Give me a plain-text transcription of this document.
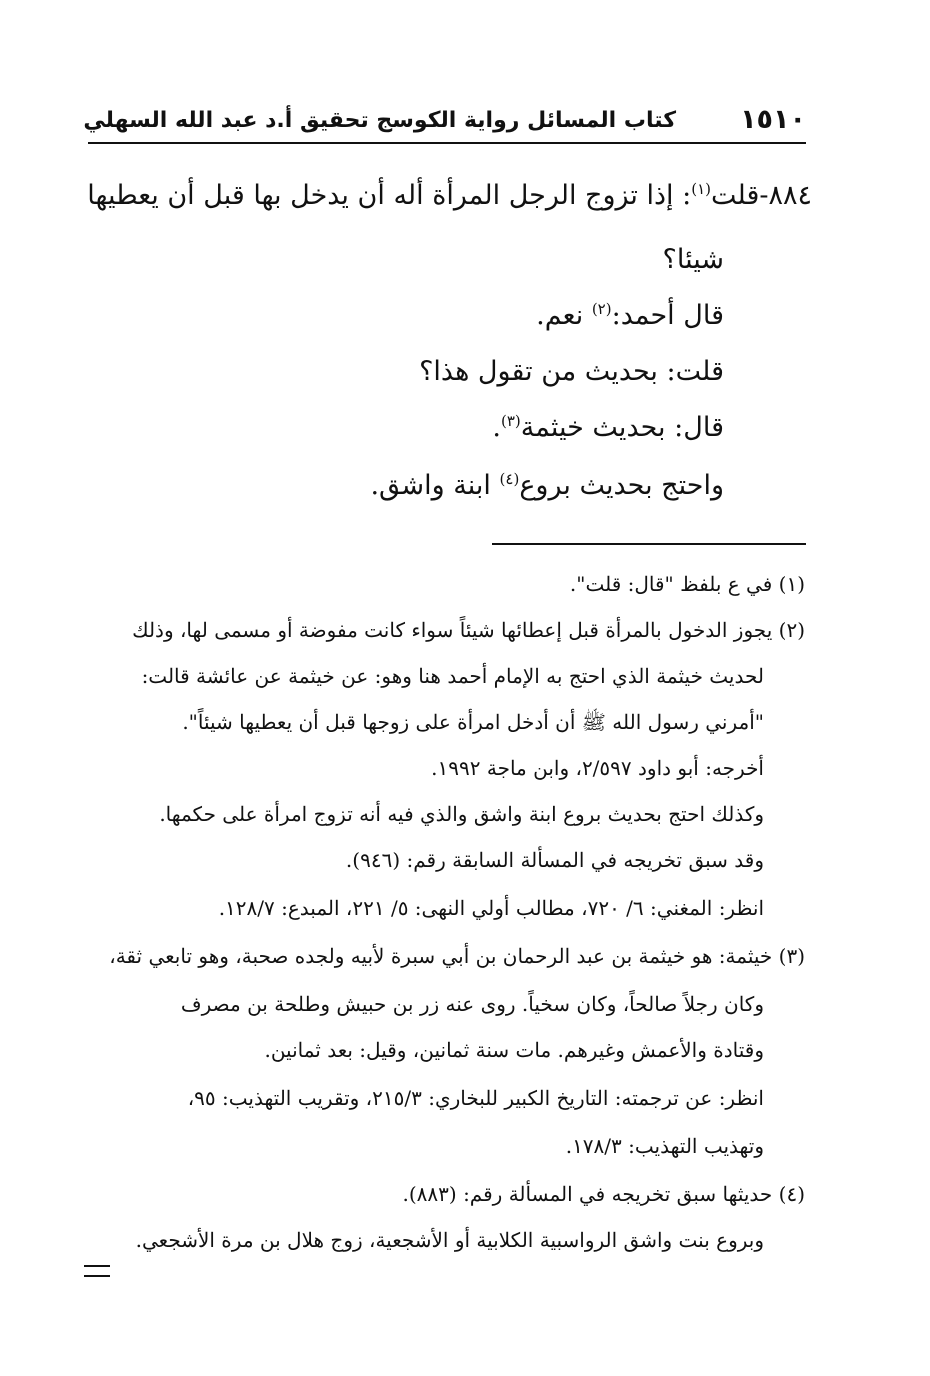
١٥١٠
كتاب المسائل رواية الكوسج تحقيق أ.د عبد الله السهلي
٨٨٤-قلت$^{(١)}$: إذا تزوج الرجل المرأة أله أن يدخل بها قبل أن يعطيها
شيئا؟
قال أحمد:$^{(٢)}$ نعم.
قلت: بحديث من تقول هذا؟
قال: بحديث خيثمة$^{(٣)}$.
واحتج بحديث بروع$^{(٤)}$ ابنة واشق.
(١) في ع بلفظ "قال: قلت".
(٢) يجوز الدخول بالمرأة قبل إعطائها شيئاً سواء كانت مفوضة أو مسمى لها، وذلك
لحديث خيثمة الذي احتج به الإمام أحمد هنا وهو: عن خيثمة عن عائشة قالت:
"أمرني رسول الله ﷺ أن أدخل امرأة على زوجها قبل أن يعطيها شيئاً".
أخرجه: أبو داود ٢/٥٩٧، وابن ماجة ١٩٩٢.
وكذلك احتج بحديث بروع ابنة واشق والذي فيه أنه تزوج امرأة على حكمها.
وقد سبق تخريجه في المسألة السابقة رقم: (٩٤٦).
انظر: المغني: ٦/ ٧٢٠، مطالب أولي النهى: ٥/ ٢٢١، المبدع: ١٢٨/٧.
(٣) خيثمة: هو خيثمة بن عبد الرحمان بن أبي سبرة لأبيه ولجده صحبة، وهو تابعي ثقة،
وكان رجلاً صالحاً، وكان سخياً. روى عنه زر بن حبيش وطلحة بن مصرف
وقتادة والأعمش وغيرهم. مات سنة ثمانين، وقيل: بعد ثمانين.
انظر: عن ترجمته: التاريخ الكبير للبخاري: ٢١٥/٣، وتقريب التهذيب: ٩٥،
وتهذيب التهذيب: ١٧٨/٣.
(٤) حديثها سبق تخريجه في المسألة رقم: (٨٨٣).
وبروع بنت واشق الرواسبية الكلابية أو الأشجعية، زوج هلال بن مرة الأشجعي.
